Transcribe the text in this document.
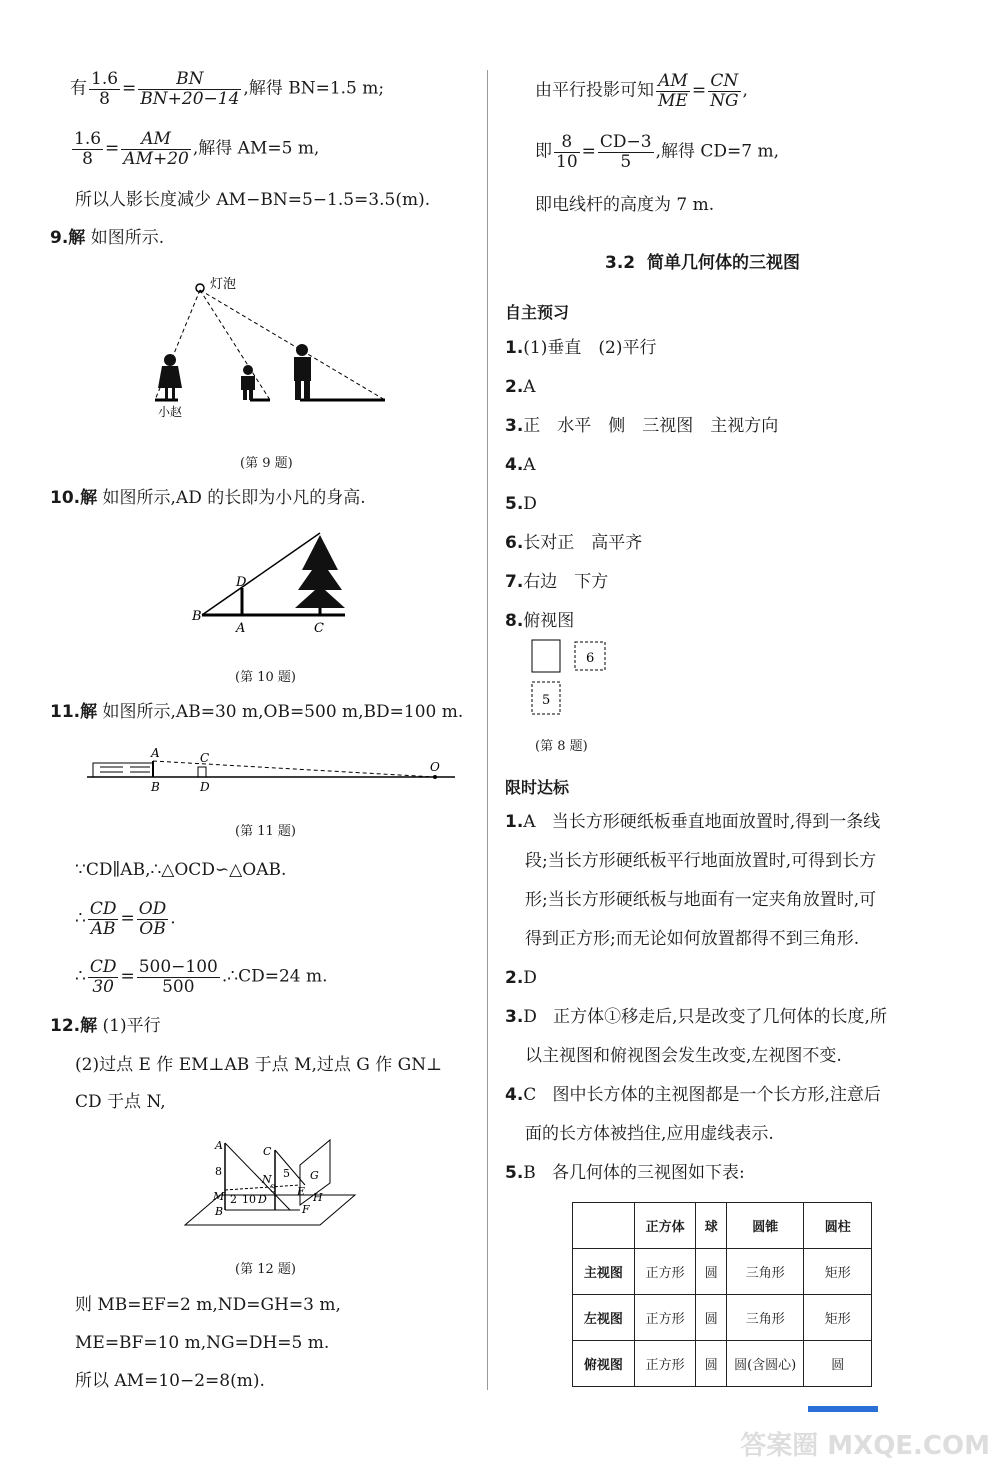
有 $\frac{1.6}{8} = \frac{BN}{BN+20-14}$ ,解得 BN=1.5 m;
$\frac{1.6}{8} = \frac{AM}{AM+20}$ ,解得 AM=5 m,
所以人影长度减少 AM−BN=5−1.5=3.5(m).
9.解 如图所示.
灯泡
小赵
(第 9 题)
10.解 如图所示,AD 的长即为小凡的身高.
D
B
A	C
(第 10 题)
11.解 如图所示,AB=30 m,OB=500 m,BD=100 m.
A	C
B	D
O
(第 11 题)
∵CD∥AB,∴△OCD∽△OAB.
∴ $\frac{CD}{AB} = \frac{OD}{OB}$ .
∴ $\frac{CD}{30} = \frac{500-100}{500}$ .∴CD=24 m.
12.解 (1)平行
(2)过点 E 作 EM⊥AB 于点 M,过点 G 作 GN⊥
CD 于点 N,
A	C
N 5 G
E H
F
M
B
D
8
2 10
3
(第 12 题)
则 MB=EF=2 m,ND=GH=3 m,
ME=BF=10 m,NG=DH=5 m.
所以 AM=10−2=8(m).
由平行投影可知 $\frac{AM}{ME} = \frac{CN}{NG}$ ,
即 $\frac{8}{10} = \frac{CD-3}{5}$ ,解得 CD=7 m,
即电线杆的高度为 7 m.
3.2 简单几何体的三视图
自主预习
1.(1)垂直　(2)平行
2.A
3.正　水平　侧　三视图　主视方向
4.A
5.D
6.长对正　高平齐
7.右边　下方
8.俯视图
6
5
(第 8 题)
限时达标
1.A 当长方形硬纸板垂直地面放置时,得到一条线
段;当长方形硬纸板平行地面放置时,可得到长方
形;当长方形硬纸板与地面有一定夹角放置时,可
得到正方形;而无论如何放置都得不到三角形.
2.D
3.D 正方体①移走后,只是改变了几何体的长度,所
以主视图和俯视图会发生改变,左视图不变.
4.C 图中长方体的主视图都是一个长方形,注意后
面的长方体被挡住,应用虚线表示.
5.B 各几何体的三视图如下表:
	正方体	球	圆锥	圆柱
主视图	正方形	圆	三角形	矩形
左视图	正方形	圆	三角形	矩形
俯视图	正方形	圆	圆(含圆心)	圆
答案圈 MXQE.COM
